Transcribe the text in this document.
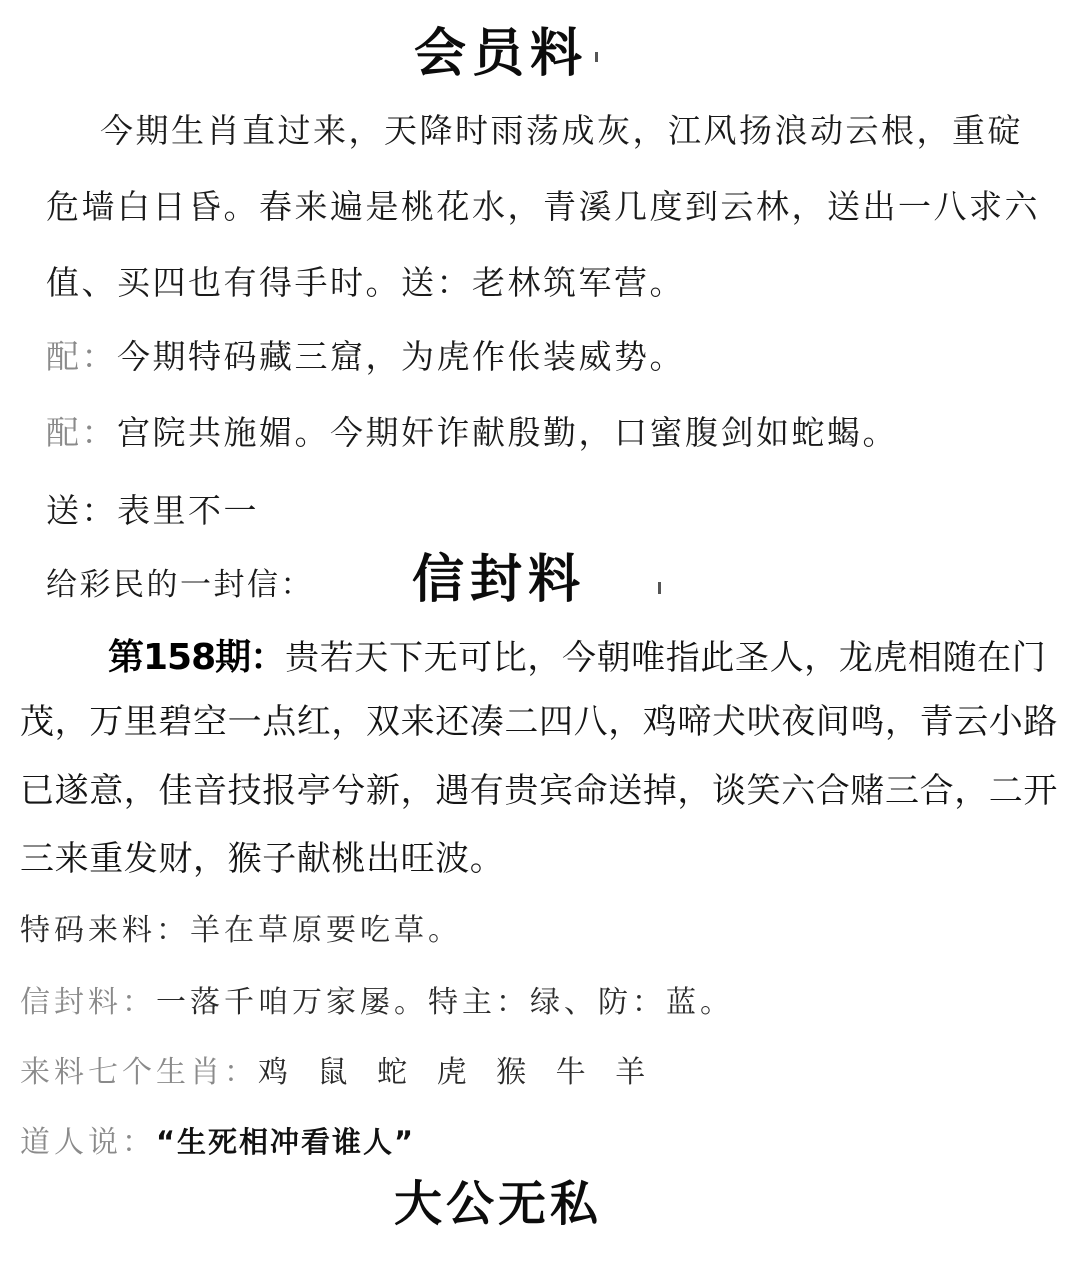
会员料
今期生肖直过来，天降时雨荡成灰，江风扬浪动云根，重碇
危墙白日昏。春来遍是桃花水，青溪几度到云林，送出一八求六
值、买四也有得手时。送：老林筑军营。
配：今期特码藏三窟，为虎作伥装威势。
配：宫院共施媚。今期奸诈献殷勤，口蜜腹剑如蛇蝎。
送：表里不一
给彩民的一封信： 信封料
第158期：贵若天下无可比，今朝唯指此圣人，龙虎相随在门
茂，万里碧空一点红，双来还凑二四八，鸡啼犬吠夜间鸣，青云小路
已遂意，佳音技报亭兮新，遇有贵宾命送掉，谈笑六合赌三合，二开
三来重发财，猴子献桃出旺波。
特码来料：羊在草原要吃草。
信封料：一落千咱万家屡。特主：绿、防：蓝。
来料七个生肖：鸡 鼠 蛇 虎 猴 牛 羊
道人说：“生死相冲看谁人”
大公无私
